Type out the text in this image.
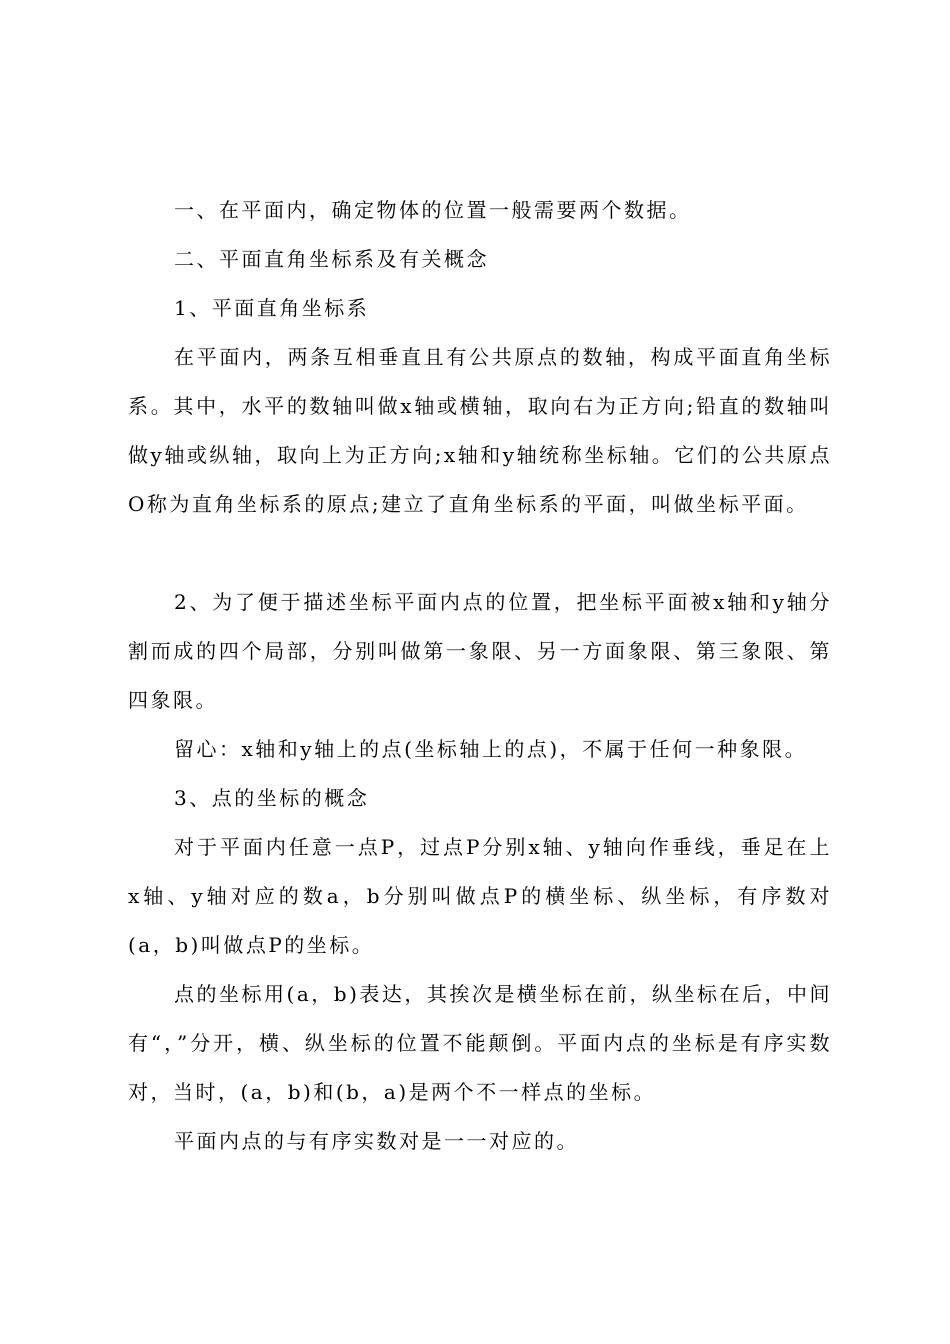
一、在平面内，确定物体的位置一般需要两个数据。

二、平面直角坐标系及有关概念

1、平面直角坐标系

在平面内，两条互相垂直且有公共原点的数轴，构成平面直角坐标系。其中，水平的数轴叫做x轴或横轴，取向右为正方向;铅直的数轴叫做y轴或纵轴，取向上为正方向;x轴和y轴统称坐标轴。它们的公共原点O称为直角坐标系的原点;建立了直角坐标系的平面，叫做坐标平面。

2、为了便于描述坐标平面内点的位置，把坐标平面被x轴和y轴分割而成的四个局部，分别叫做第一象限、另一方面象限、第三象限、第四象限。

留心：x轴和y轴上的点(坐标轴上的点)，不属于任何一种象限。

3、点的坐标的概念

对于平面内任意一点P，过点P分别x轴、y轴向作垂线，垂足在上x轴、y轴对应的数a，b分别叫做点P的横坐标、纵坐标，有序数对(a，b)叫做点P的坐标。

点的坐标用(a，b)表达，其挨次是横坐标在前，纵坐标在后，中间有“，”分开，横、纵坐标的位置不能颠倒。平面内点的坐标是有序实数对，当时，(a，b)和(b，a)是两个不一样点的坐标。

平面内点的与有序实数对是一一对应的。
